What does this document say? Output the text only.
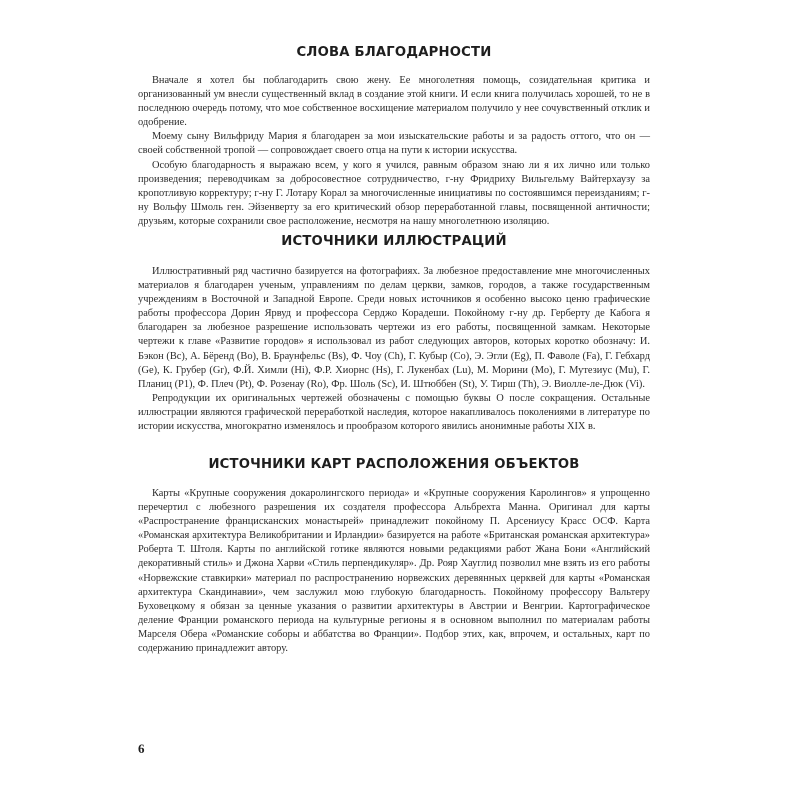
СЛОВА БЛАГОДАРНОСТИ

Вначале я хотел бы поблагодарить свою жену. Ее многолетняя помощь, созидательная критика и организованный ум внесли существенный вклад в создание этой книги. И если книга получилась хорошей, то не в последнюю очередь потому, что мое собственное восхищение материалом получило у нее сочувственный отклик и одобрение.

Моему сыну Вильфриду Мария я благодарен за мои изыскательские работы и за радость оттого, что он — своей собственной тропой — сопровождает своего отца на пути к истории искусства.

Особую благодарность я выражаю всем, у кого я учился, равным образом знаю ли я их лично или только произведения; переводчикам за добросовестное сотрудничество, г-ну Фридриху Вильгельму Вайтерхаузу за кропотливую корректуру; г-ну Г. Лотару Корал за многочисленные инициативы по состоявшимся переизданиям; г-ну Вольфу Шмоль ген. Эйзенверту за его критический обзор переработанной главы, посвященной античности; друзьям, которые сохранили свое расположение, несмотря на нашу многолетнюю изоляцию.

ИСТОЧНИКИ ИЛЛЮСТРАЦИЙ

Иллюстративный ряд частично базируется на фотографиях. За любезное предоставление мне многочисленных материалов я благодарен ученым, управлениям по делам церкви, замков, городов, а также государственным учреждениям в Восточной и Западной Европе. Среди новых источников я особенно высоко ценю графические работы профессора Дорин Ярвуд и профессора Серджо Корадеши. Покойному г-ну др. Герберту де Кабога я благодарен за любезное разрешение использовать чертежи из его работы, посвященной замкам. Некоторые чертежи к главе «Развитие городов» я использовал из работ следующих авторов, которых коротко обозначу: И. Бэкон (Bc), А. Бёренд (Bo), В. Браунфельс (Bs), Ф. Чоу (Ch), Г. Кубыр (Co), Э. Эгли (Eg), П. Фаволе (Fa), Г. Гебхард (Ge), К. Грубер (Gr), Ф.Й. Химли (Hi), Ф.Р. Хиорнс (Hs), Г. Лукенбах (Lu), М. Морини (Mo), Г. Мутезиус (Mu), Г. Планиц (P1), Ф. Плеч (Pt), Ф. Розенау (Ro), Фр. Шоль (Sc), И. Штюббен (St), У. Тирш (Th), Э. Виолле-ле-Дюк (Vi).

Репродукции их оригинальных чертежей обозначены с помощью буквы О после сокращения. Остальные иллюстрации являются графической переработкой наследия, которое накапливалось поколениями в литературе по истории искусства, многократно изменялось и прообразом которого явились анонимные работы XIX в.

ИСТОЧНИКИ КАРТ РАСПОЛОЖЕНИЯ ОБЪЕКТОВ

Карты «Крупные сооружения докаролингского периода» и «Крупные сооружения Каролингов» я упрощенно перечертил с любезного разрешения их создателя профессора Альбрехта Манна. Оригинал для карты «Распространение францисканских монастырей» принадлежит покойному П. Арсениусу Красс ОСФ. Карта «Романская архитектура Великобритании и Ирландии» базируется на работе «Британская романская архитектура» Роберта Т. Штоля. Карты по английской готике являются новыми редакциями работ Жана Бони «Английский декоративный стиль» и Джона Харви «Стиль перпендикуляр». Др. Рояр Хауглид позволил мне взять из его работы «Норвежские ставкирки» материал по распространению норвежских деревянных церквей для карты «Романская архитектура Скандинавии», чем заслужил мою глубокую благодарность. Покойному профессору Вальтеру Буховецкому я обязан за ценные указания о развитии архитектуры в Австрии и Венгрии. Картографическое деление Франции романского периода на культурные регионы я в основном выполнил по материалам работы Марселя Обера «Романские соборы и аббатства во Франции». Подбор этих, как, впрочем, и остальных, карт по содержанию принадлежит автору.

6
